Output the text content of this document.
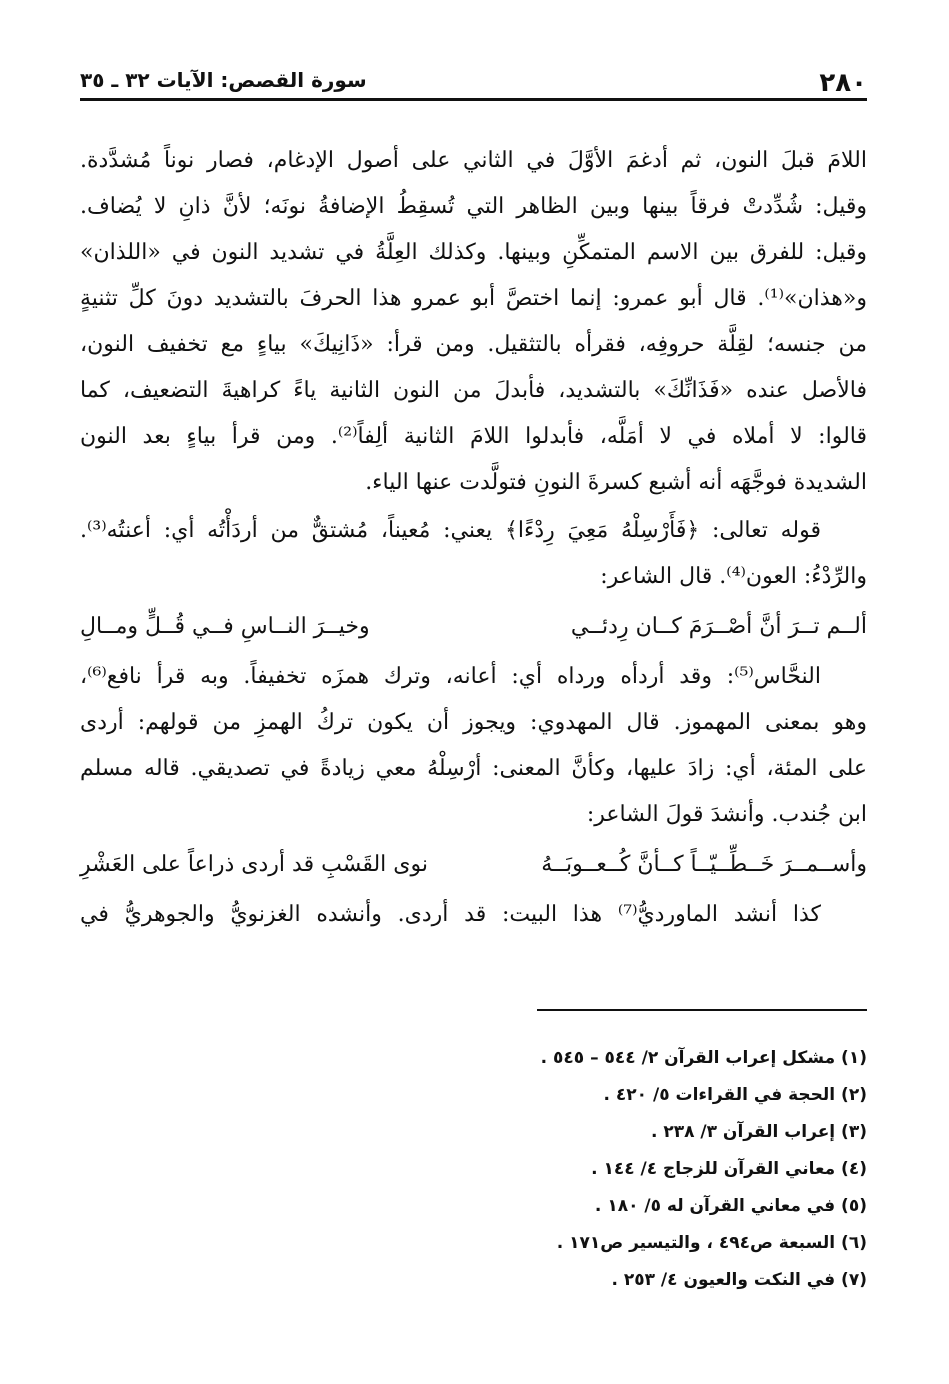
٢٨٠
سورة القصص: الآيات ٣٢ ـ ٣٥
اللامَ قبلَ النون، ثم أدغمَ الأوَّلَ في الثاني على أصول الإدغام، فصار نوناً مُشدَّدة.
وقيل: شُدِّدتْ فرقاً بينها وبين الظاهر التي تُسقِطُ الإضافةُ نونَه؛ لأنَّ ذانِ لا يُضاف.
وقيل: للفرق بين الاسم المتمكِّنِ وبينها. وكذلك العِلَّةُ في تشديد النون في «اللذان»
و«هذان»⁽¹⁾. قال أبو عمرو: إنما اختصَّ أبو عمرو هذا الحرفَ بالتشديد دونَ كلِّ تثنيةٍ
من جنسه؛ لقِلَّة حروفِه، فقرأه بالتثقيل. ومن قرأ: «ذَانِيكَ» بياءٍ مع تخفيف النون،
فالأصل عنده «فَذَانِّكَ» بالتشديد، فأبدلَ من النون الثانية ياءً كراهيةَ التضعيف، كما
قالوا: لا أملاه في لا أمَلَّه، فأبدلوا اللامَ الثانية ألِفاً⁽²⁾. ومن قرأ بياءٍ بعد النون
الشديدة فوجَّهَه أنه أشبع كسرةَ النونِ فتولَّدت عنها الياء.
قوله تعالى: ﴿فَأَرْسِلْهُ مَعِيَ رِدْءًا﴾ يعني: مُعيناً، مُشتقٌّ من أردَأْتُه أي: أعنتُه⁽³⁾.
والرِّدْءُ: العون⁽⁴⁾. قال الشاعر:
ألــم تــرَ أنَّ أصْــرَمَ كــان رِدئــي
وخيــرَ النــاسِ فــي قُــلٍّ ومــالِ
النحَّاس⁽⁵⁾: وقد أردأه ورداه أي: أعانه، وترك همزَه تخفيفاً. وبه قرأ نافع⁽⁶⁾،
وهو بمعنى المهموز. قال المهدوي: ويجوز أن يكون تركُ الهمزِ من قولهم: أردى
على المئة، أي: زادَ عليها، وكأنَّ المعنى: أرْسِلْهُ معي زيادةً في تصديقي. قاله مسلم
ابن جُندب. وأنشدَ قولَ الشاعر:
وأســمــرَ خَــطِّــيّــاً كــأنَّ كُــعــوبَــهُ
نوى القَسْبِ قد أردى ذراعاً على العَشْرِ
كذا أنشد الماورديُّ⁽⁷⁾ هذا البيت: قد أردى. وأنشده الغزنويُّ والجوهريُّ في
(١) مشكل إعراب القرآن ٢/ ٥٤٤ – ٥٤٥ .
(٢) الحجة في القراءات ٥/ ٤٢٠ .
(٣) إعراب القرآن ٣/ ٢٣٨ .
(٤) معاني القرآن للزجاج ٤/ ١٤٤ .
(٥) في معاني القرآن له ٥/ ١٨٠ .
(٦) السبعة ص٤٩٤ ، والتيسير ص١٧١ .
(٧) في النكت والعيون ٤/ ٢٥٣ .
